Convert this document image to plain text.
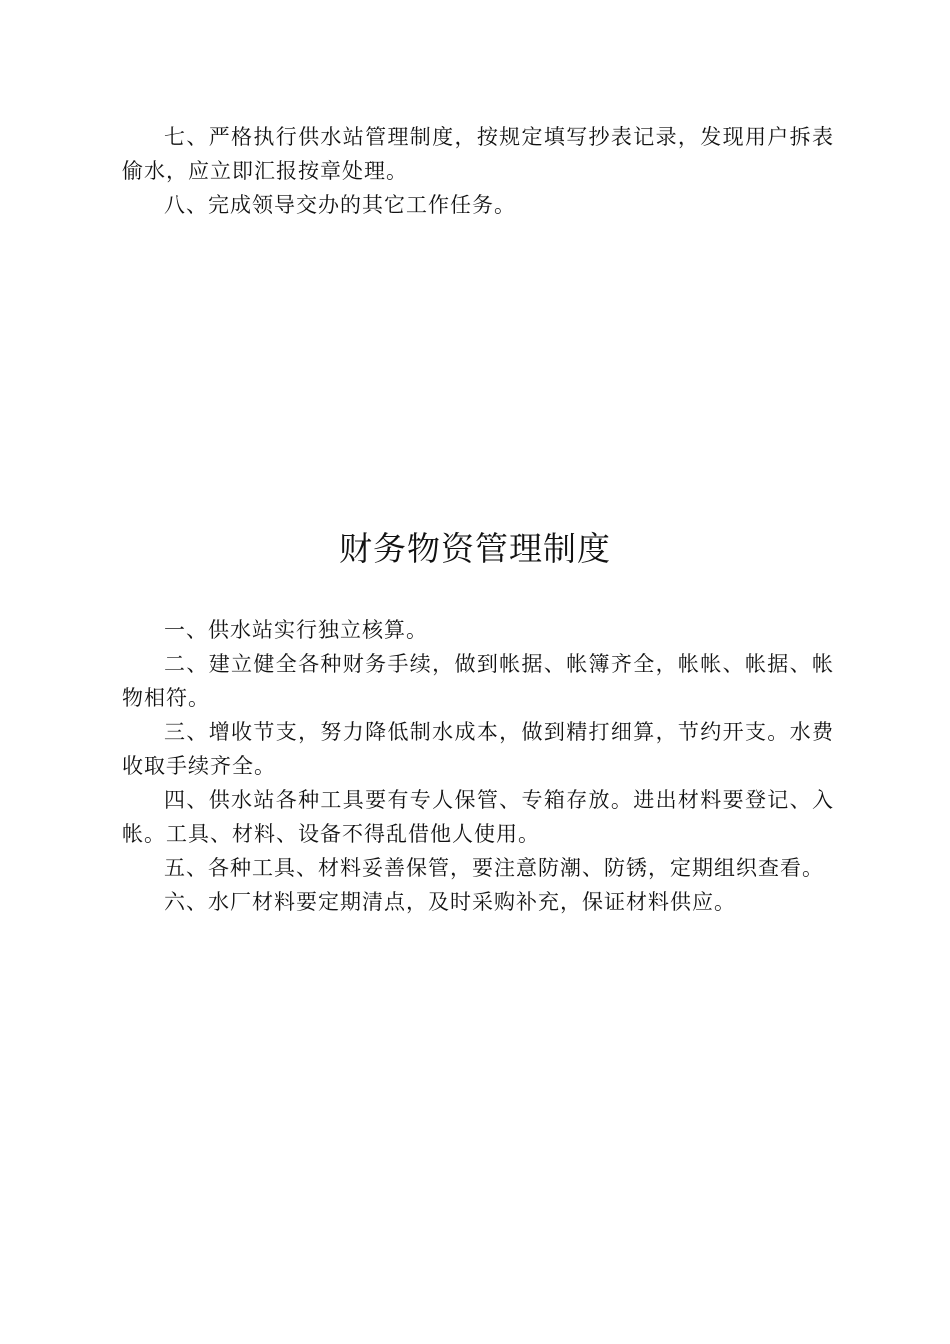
七、严格执行供水站管理制度，按规定填写抄表记录，发现用户拆表偷水，应立即汇报按章处理。

八、完成领导交办的其它工作任务。

财务物资管理制度

一、供水站实行独立核算。

二、建立健全各种财务手续，做到帐据、帐簿齐全，帐帐、帐据、帐物相符。

三、增收节支，努力降低制水成本，做到精打细算，节约开支。水费收取手续齐全。

四、供水站各种工具要有专人保管、专箱存放。进出材料要登记、入帐。工具、材料、设备不得乱借他人使用。

五、各种工具、材料妥善保管，要注意防潮、防锈，定期组织查看。

六、水厂材料要定期清点，及时采购补充，保证材料供应。
